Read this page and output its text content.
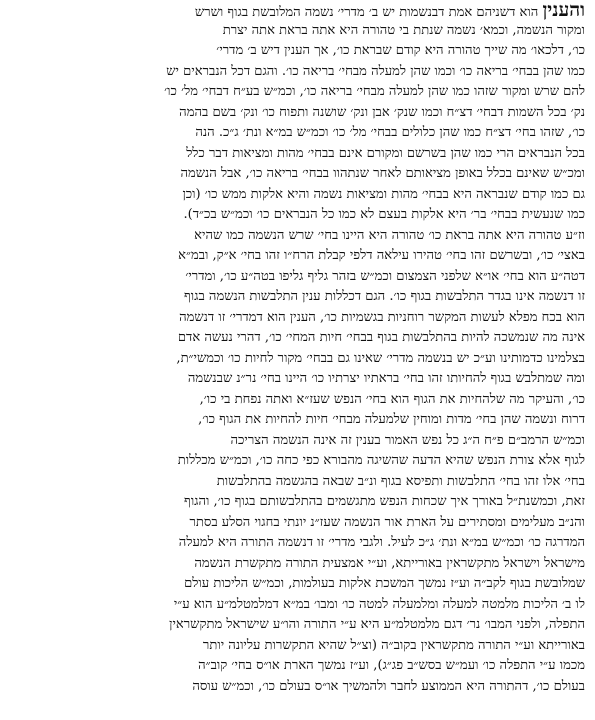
והענין הוא דשניהם אמת דבנשמות יש ב׳ מדרי׳ נשמה המלובשת בגוף ושרש
ומקור הנשמה, וכמא׳ נשמה שנתת בי טהורה היא אתה בראת אתה יצרת
כו׳, דלכאו׳ מה שייך טהורה היא קודם שבראת כו׳, אך הענין דיש ב׳ מדרי׳
כמו שהן בבחי׳ בריאה כו׳ וכמו שהן למעלה מבחי׳ בריאה כו׳. והגם דכל הנבראים יש
להם שרש ומקור שזהו כמו שהן למעלה מבחי׳ בריאה כו׳, וכמ״ש בע״ח דבחי׳ מל׳ כו׳
נק׳ בכל השמות דבחי׳ דצ״ח וכמו שנק׳ אבן ונק׳ שושנה ותפוח כו׳ ונק׳ בשם בהמה
כו׳, שזהו בחי׳ דצ״ח כמו שהן כלולים בבחי׳ מל׳ כו׳ וכמ״ש במ״א ונת׳ ג״כ. הנה
בכל הנבראים הרי כמו שהן בשרשם ומקורם אינם בבחי׳ מהות ומציאות דבר כלל
ומכ״ש שאינם בכלל באופן מציאותם לאחר שנתהוו בבחי׳ בריאה כו׳, אבל הנשמה
גם כמו קודם שנבראה היא בבחי׳ מהות ומציאות נשמה והיא אלקות ממש כו׳ (וכן
כמו שנעשית בבחי׳ בר׳ היא אלקות בעצם לא כמו כל הנבראים כו׳ וכמ״ש בכ״ד).
וז״ע טהורה היא אתה בראת כו׳ טהורה היא היינו בחי׳ שרש הנשמה כמו שהיא
באצי׳ כו׳, ובשרשם זהו בחי׳ טהירו עילאה דלפי קבלת הרח״ו זהו בחי׳ א״ק, ובמ״א
דטה״ע הוא בחי׳ או״א שלפני הצמצום וכמ״ש בזהר גליף גליפו בטה״ע כו׳, ומדרי׳
זו דנשמה אינו בגדר התלבשות בגוף כו׳. הגם דכללות ענין התלבשות הנשמה בגוף
הוא בכח מפלא לעשות המקשר רוחניות בגשמיות כו׳, הענין הוא דמדרי׳ זו דנשמה
אינה מה שנמשכה להיות בהתלבשות בגוף בבחי׳ חיות המחי׳ כו׳, דהרי נעשה אדם
בצלמינו כדמותינו וע״כ יש בנשמה מדרי׳ שאינו גם בבחי׳ מקור לחיות כו׳ וכמשי״ת,
ומה שמתלבש בגוף להחיותו זהו בחי׳ בראתיו יצרתיו כו׳ היינו בחי׳ נר״נ שבנשמה
כו׳, והעיקר מה שלהחיות את הגוף הוא בחי׳ הנפש שעז״א ואתה נפחת בי כו׳,
דרוח ונשמה שהן בחי׳ מדות ומוחין שלמעלה מבחי׳ חיות להחיות את הגוף כו׳,
וכמ״ש הרמב״ם פ״ח ה״ג כל נפש האמור בענין זה אינה הנשמה הצריכה
לגוף אלא צורת הנפש שהיא הדעה שהשיגה מהבורא כפי כחה כו׳, וכמ״ש מכללות
בחי׳ אלו זהו בחי׳ התלבשות ותפיסא בגוף ונ״ב שבאה בהגשמה בהתלבשות
זאת, וכמשנת״ל באורך איך שכחות הנפש מתגשמים בהתלבשותם בגוף כו׳, והגוף
והנ״ב מעלימים ומסתירים על הארת אור הנשמה שעז״נ יונתי בחגוי הסלע בסתר
המדרגה כו׳ וכמ״ש במ״א ונת׳ ג״כ לעיל. ולגבי מדרי׳ זו דנשמה התורה היא למעלה
מישראל וישראל מתקשראין באורייתא, וע״י אמצעית התורה מתקשרת הנשמה
שמלובשת בגוף לקב״ה וע״ז נמשך המשכת אלקות בעולמות, וכמ״ש הליכות עולם
לו ב׳ הליכות מלמטה למעלה ומלמעלה למטה כו׳ ומבו׳ במ״א דמלמטלמ״ע הוא ע״י
התפלה, ולפני המבו׳ נר׳ דגם מלמטלמ״ע היא ע״י התורה והו״ע שישראל מתקשראין
באורייתא וע״י התורה מתקשראין בקוב״ה (וצ״ל שהיא התקשרות עליונה יותר
מכמו ע״י התפלה כו׳ ועמ״ש בסש״ב פג״ג), וע״ז נמשך הארת או״ס בחי׳ קוב״ה
בעולם כו׳, דהתורה היא הממוצע לחבר ולהמשיך או״ס בעולם כו׳, וכמ״ש עוסה
